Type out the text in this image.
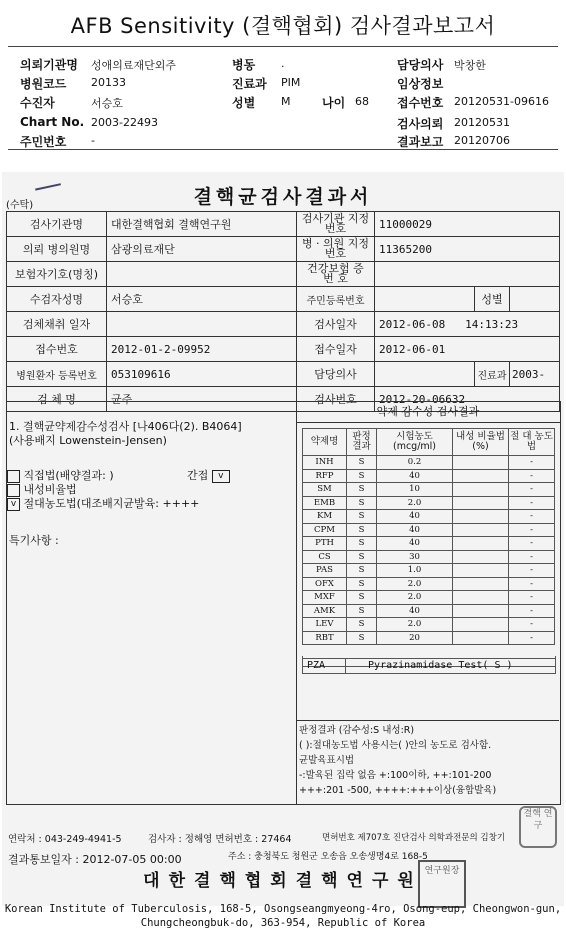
AFB Sensitivity (결핵협회) 검사결과보고서
의뢰기관명 성애의료재단외주
병원코드 20133
수진자	서승호
Chart No. 2003-22493
주민번호 -
병동 .
진료과 PIM
성별 M	나이 68
담당의사 박창한
임상정보
접수번호 20120531-09616
검사의뢰 20120531
결과보고 20120706
(수탁)	결핵균검사결과서
검사기관명	대한결핵협회 결핵연구원	검사기관 지정번호	11000029		
의뢰 병의원명	삼광의료재단	병 · 의원 지정번호	11365200		
보험자기호(명칭)		건강보험 증 번 호			
수검자성명	서승호	주민등록번호		성별	
검체채취 일자		검사일자	2012-06-08   14:13:23		
접수번호	2012-01-2-09952	접수일자	2012-06-01		
병원환자 등록번호	053109616	담당의사		진료과	2003-
검 체 명	균주	검사번호	2012-20-06632		
1. 결핵균약제감수성검사 [나406다(2). B4064]
(사용배지 Lowenstein-Jensen)
직접법(배양결과: )	간접 v
내성비율법
v 절대농도법(대조배지균발육: ++++
특기사항 :
약제 감수성 검사결과
약제명	판정 결과	시험농도 (mcg/ml)	내성 비율법(%)	절 대 농도법
INH	S	0.2		-
RFP	S	40		-
SM	S	10		-
EMB	S	2.0		-
KM	S	40		-
CPM	S	40		-
PTH	S	40		-
CS	S	30		-
PAS	S	1.0		-
OFX	S	2.0		-
MXF	S	2.0		-
AMK	S	40		-
LEV	S	2.0		-
RBT	S	20		-
PZA	Pyrazinamidase Test( S )
판정결과 (감수성:S 내성:R)
( ):절대농도법 사용시는( )안의 농도로 검사함.
균발육표시법
-:발육된 집락 없음 +:100이하, ++:101-200
+++:201 -500, ++++:+++이상(융합발육)
결핵 연구
연락처 : 043-249-4941-5	검사자 : 정해영 면허번호 : 27464	면허번호 제707호 진단검사 의학과전문의 김창기
결과통보일자 : 2012-07-05 00:00	주소 : 충청북도 청원군 오송읍 오송생명4로 168-5
대한결핵협회결핵연구원 연구원장
Korean Institute of Tuberculosis, 168-5, Osongseangmyeong-4ro, Osong-eup, Cheongwon-gun,
Chungcheongbuk-do, 363-954, Republic of Korea
